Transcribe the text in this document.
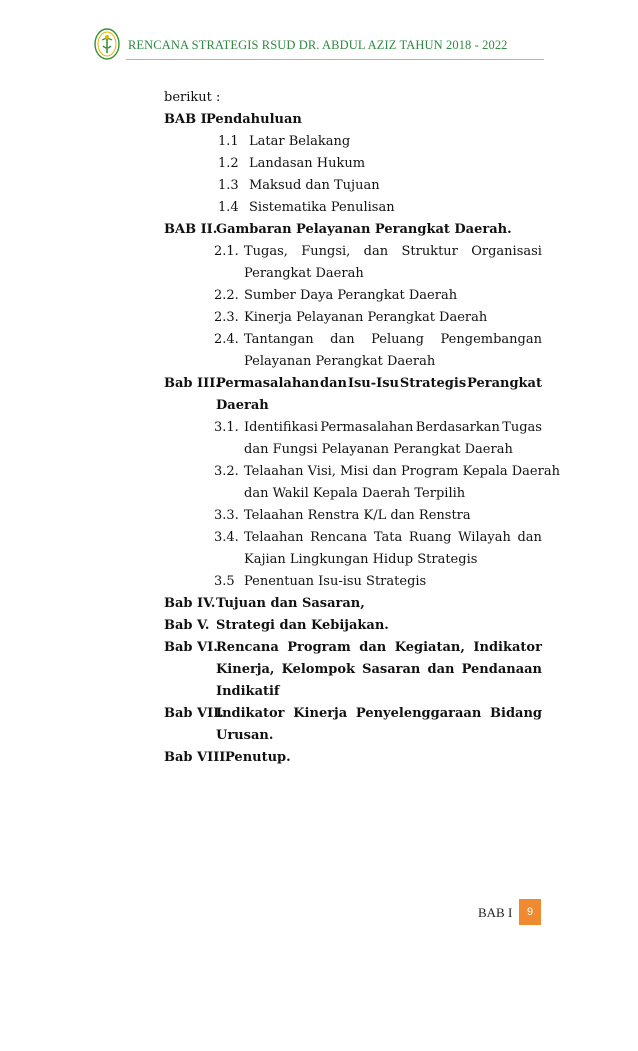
RENCANA STRATEGIS RSUD DR. ABDUL AZIZ TAHUN 2018 - 2022
berikut :
BAB I.
Pendahuluan
1.1 Latar Belakang
1.2 Landasan Hukum
1.3 Maksud dan Tujuan
1.4 Sistematika Penulisan
BAB II.
Gambaran Pelayanan Perangkat Daerah.
2.1. Tugas, Fungsi, dan Struktur Organisasi
Perangkat Daerah
2.2. Sumber Daya Perangkat Daerah
2.3. Kinerja Pelayanan Perangkat Daerah
2.4. Tantangan dan Peluang Pengembangan
Pelayanan Perangkat Daerah
Bab III.
Permasalahan dan Isu-Isu Strategis Perangkat
Daerah
3.1. Identifikasi Permasalahan Berdasarkan Tugas
dan Fungsi Pelayanan Perangkat Daerah
3.2. Telaahan Visi, Misi dan Program Kepala Daerah
dan Wakil Kepala Daerah Terpilih
3.3. Telaahan Renstra K/L dan Renstra
3.4. Telaahan Rencana Tata Ruang Wilayah dan
Kajian Lingkungan Hidup Strategis
3.5 Penentuan Isu-isu Strategis
Bab IV. Tujuan dan Sasaran,
Bab V. Strategi dan Kebijakan.
Bab VI.
Rencana Program dan Kegiatan, Indikator
Kinerja, Kelompok Sasaran dan Pendanaan
Indikatif
Bab VII.
Indikator Kinerja Penyelenggaraan Bidang
Urusan.
Bab VIII.
Penutup.
BAB I	9
